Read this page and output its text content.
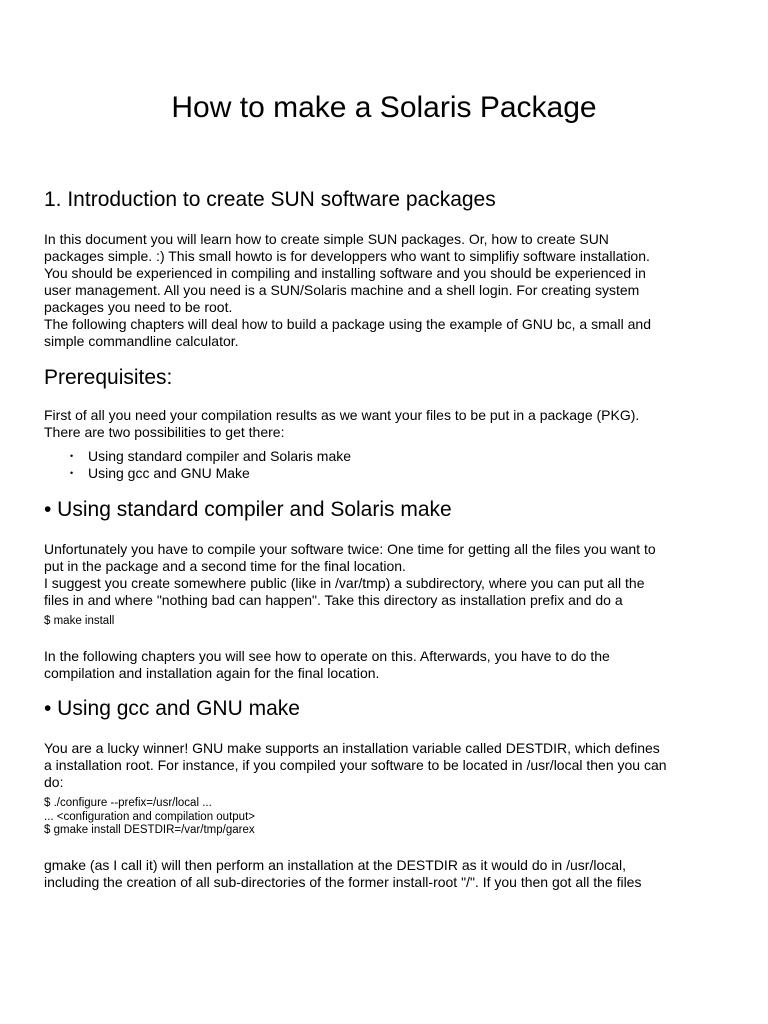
How to make a Solaris Package
1. Introduction to create SUN software packages
In this document you will learn how to create simple SUN packages. Or, how to create SUN
packages simple. :) This small howto is for developpers who want to simplifiy software installation.
You should be experienced in compiling and installing software and you should be experienced in
user management. All you need is a SUN/Solaris machine and a shell login. For creating system
packages you need to be root.
The following chapters will deal how to build a package using the example of GNU bc, a small and
simple commandline calculator.
Prerequisites:
First of all you need your compilation results as we want your files to be put in a package (PKG).
There are two possibilities to get there:
• Using standard compiler and Solaris make
• Using gcc and GNU Make
• Using standard compiler and Solaris make
Unfortunately you have to compile your software twice: One time for getting all the files you want to
put in the package and a second time for the final location.
I suggest you create somewhere public (like in /var/tmp) a subdirectory, where you can put all the
files in and where "nothing bad can happen". Take this directory as installation prefix and do a
$ make install
In the following chapters you will see how to operate on this. Afterwards, you have to do the
compilation and installation again for the final location.
• Using gcc and GNU make
You are a lucky winner! GNU make supports an installation variable called DESTDIR, which defines
a installation root. For instance, if you compiled your software to be located in /usr/local then you can
do:
$ ./configure --prefix=/usr/local ...
... <configuration and compilation output>
$ gmake install DESTDIR=/var/tmp/garex
gmake (as I call it) will then perform an installation at the DESTDIR as it would do in /usr/local,
including the creation of all sub-directories of the former install-root "/". If you then got all the files
